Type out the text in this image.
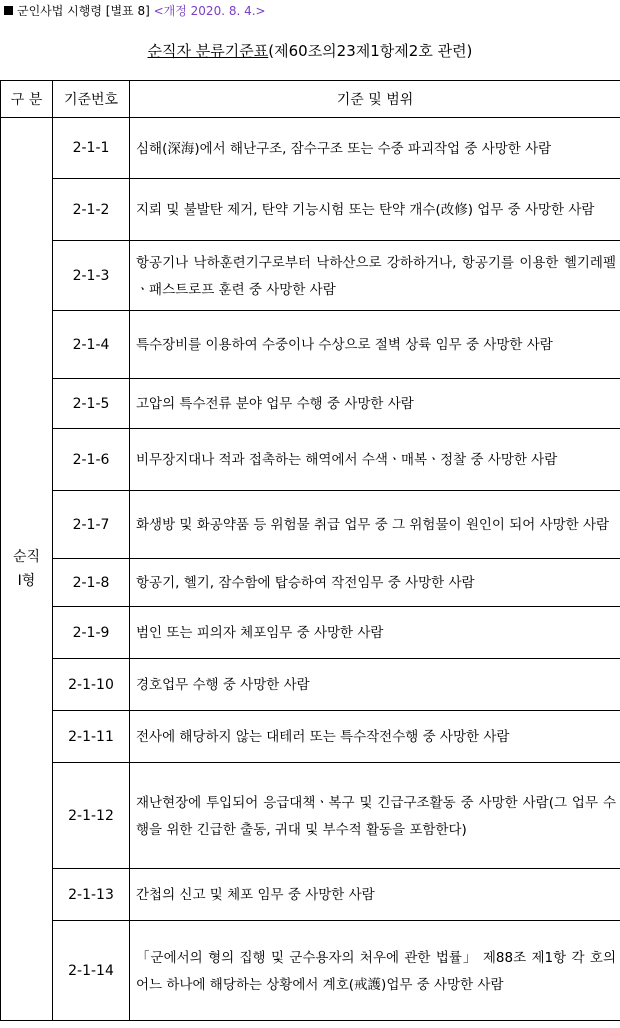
군인사법 시행령 [별표 8] <개정 2020. 8. 4.>
순직자 분류기준표(제60조의23제1항제2호 관련)
구 분	기준번호	기준 및 범위

순직
Ⅰ형	2-1-1	심해(深海)에서 해난구조, 잠수구조 또는 수중 파괴작업 중 사망한 사람
	2-1-2	지뢰 및 불발탄 제거, 탄약 기능시험 또는 탄약 개수(改修) 업무 중 사망한 사람
	2-1-3	항공기나 낙하훈련기구로부터 낙하산으로 강하하거나, 항공기를 이용한 헬기레펠ㆍ패스트로프 훈련 중 사망한 사람
	2-1-4	특수장비를 이용하여 수중이나 수상으로 절벽 상륙 임무 중 사망한 사람
	2-1-5	고압의 특수전류 분야 업무 수행 중 사망한 사람
	2-1-6	비무장지대나 적과 접촉하는 해역에서 수색ㆍ매복ㆍ정찰 중 사망한 사람
	2-1-7	화생방 및 화공약품 등 위험물 취급 업무 중 그 위험물이 원인이 되어 사망한 사람
	2-1-8	항공기, 헬기, 잠수함에 탑승하여 작전임무 중 사망한 사람
	2-1-9	범인 또는 피의자 체포임무 중 사망한 사람
	2-1-10	경호업무 수행 중 사망한 사람
	2-1-11	전사에 해당하지 않는 대테러 또는 특수작전수행 중 사망한 사람
	2-1-12	재난현장에 투입되어 응급대책ㆍ복구 및 긴급구조활동 중 사망한 사람(그 업무 수행을 위한 긴급한 출동, 귀대 및 부수적 활동을 포함한다)
	2-1-13	간첩의 신고 및 체포 임무 중 사망한 사람
	2-1-14	「군에서의 형의 집행 및 군수용자의 처우에 관한 법률」 제88조 제1항 각 호의 어느 하나에 해당하는 상황에서 계호(戒護)업무 중 사망한 사람
